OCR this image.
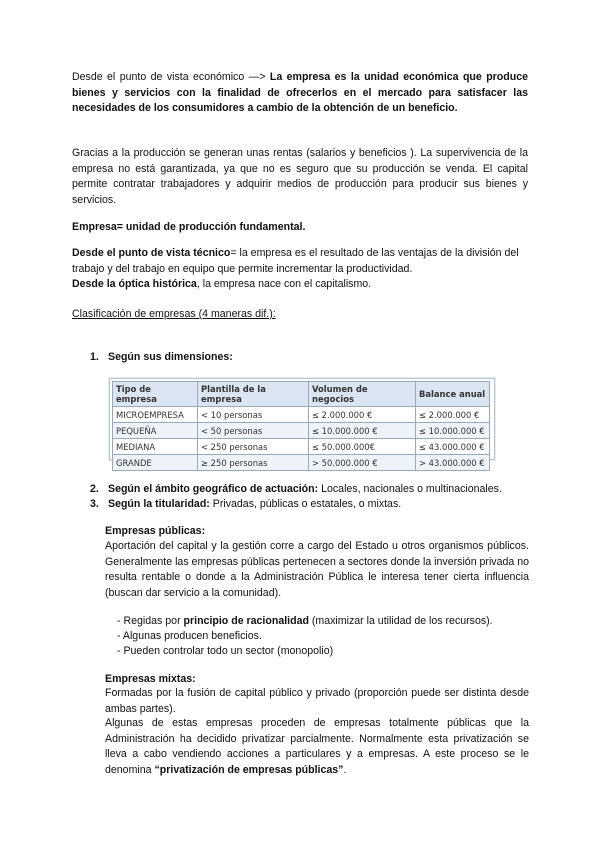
Desde el punto de vista económico —> La empresa es la unidad económica que produce bienes y servicios con la finalidad de ofrecerlos en el mercado para satisfacer las necesidades de los consumidores a cambio de la obtención de un beneficio.

Gracias a la producción se generan unas rentas (salarios y beneficios ). La supervivencia de la empresa no está garantizada, ya que no es seguro que su producción se venda. El capital permite contratar trabajadores y adquirir medios de producción para producir sus bienes y servicios.

Empresa= unidad de producción fundamental.

Desde el punto de vista técnico= la empresa es el resultado de las ventajas de la división del trabajo y del trabajo en equipo que permite incrementar la productividad.

Desde la óptica histórica, la empresa nace con el capitalismo.

Clasificación de empresas (4 maneras dif.):

1. Según sus dimensiones:

Tipo de empresa	Plantilla de la empresa	Volumen de negocios	Balance anual
MICROEMPRESA	< 10 personas	≤ 2.000.000 €	≤ 2.000.000 €
PEQUEÑA	< 50 personas	≤ 10.000.000 €	≤ 10.000.000 €
MEDIANA	< 250 personas	≤ 50.000.000€	≤ 43.000.000 €
GRANDE	≥ 250 personas	> 50.000.000 €	> 43.000.000 €

2. Según el ámbito geográfico de actuación: Locales, nacionales o multinacionales.

3. Según la titularidad: Privadas, públicas o estatales, o mixtas.

Empresas públicas:

Aportación del capital y la gestión corre a cargo del Estado u otros organismos públicos. Generalmente las empresas públicas pertenecen a sectores donde la inversión privada no resulta rentable o donde a la Administración Pública le interesa tener cierta influencia (buscan dar servicio a la comunidad).

- Regidas por principio de racionalidad (maximizar la utilidad de los recursos).

- Algunas producen beneficios.

- Pueden controlar todo un sector (monopolio)

Empresas mixtas:

Formadas por la fusión de capital público y privado (proporción puede ser distinta desde ambas partes).

Algunas de estas empresas proceden de empresas totalmente públicas que la Administración ha decidido privatizar parcialmente. Normalmente esta privatización se lleva a cabo vendiendo acciones a particulares y a empresas. A este proceso se le denomina “privatización de empresas públicas”.
